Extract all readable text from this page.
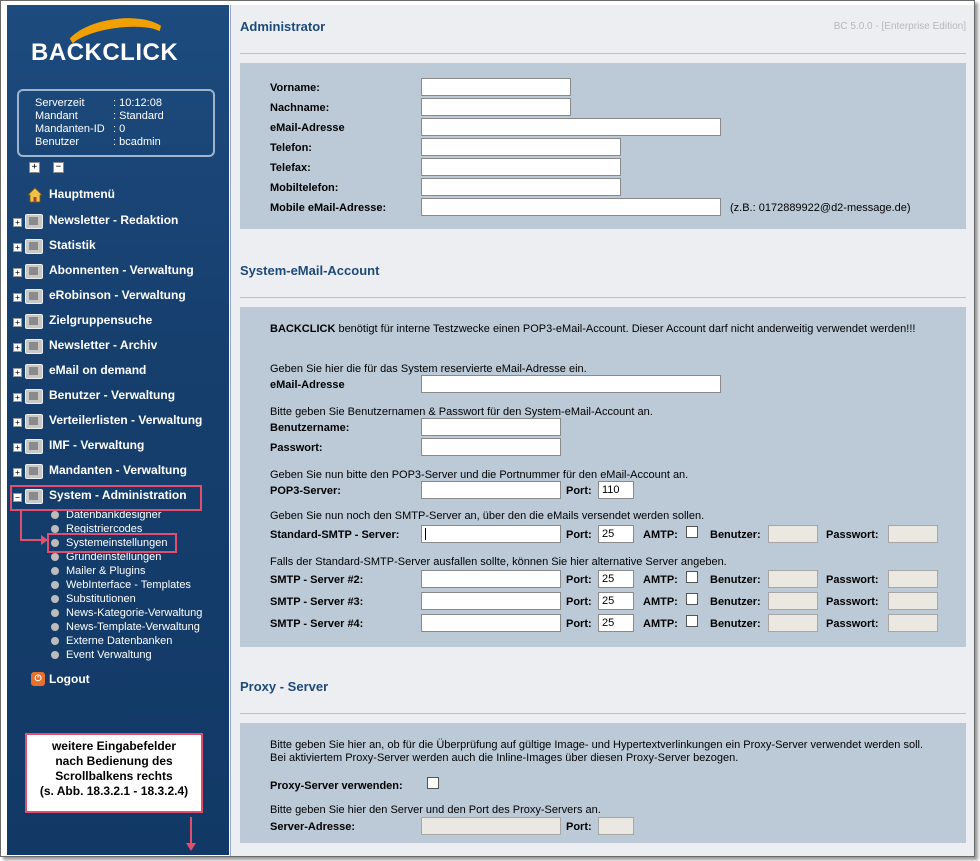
BACKCLICK
Serverzeit	: 10:12:08
Mandant	: Standard
Mandanten-ID : 0
Benutzer	: bcadmin
+	−
Hauptmenü
+ Newsletter - Redaktion
+ Statistik
+ Abonnenten - Verwaltung
+ eRobinson - Verwaltung
+ Zielgruppensuche
+ Newsletter - Archiv
+ eMail on demand
+ Benutzer - Verwaltung
+ Verteilerlisten - Verwaltung
+ IMF - Verwaltung
+ Mandanten - Verwaltung
− System - Administration
Datenbankdesigner
Registriercodes
Systemeinstellungen
Grundeinstellungen
Mailer & Plugins
WebInterface - Templates
Substitutionen
News-Kategorie-Verwaltung
News-Template-Verwaltung
Externe Datenbanken
Event Verwaltung
⏻ Logout
weitere Eingabefelder
nach Bedienung des
Scrollbalkens rechts
(s. Abb. 18.3.2.1 - 18.3.2.4)
Administrator	BC 5.0.0 - [Enterprise Edition]
Vorname:
Nachname:
eMail-Adresse
Telefon:
Telefax:
Mobiltelefon:
Mobile eMail-Adresse:	(z.B.: 0172889922@d2-message.de)
System-eMail-Account
BACKCLICK benötigt für interne Testzwecke einen POP3-eMail-Account. Dieser Account darf nicht anderweitig verwendet werden!!!
Geben Sie hier die für das System reservierte eMail-Adresse ein.
eMail-Adresse
Bitte geben Sie Benutzernamen & Passwort für den System-eMail-Account an.
Benutzername:
Passwort:
Geben Sie nun bitte den POP3-Server und die Portnummer für den eMail-Account an.
POP3-Server:	Port: 110
Geben Sie nun noch den SMTP-Server an, über den die eMails versendet werden sollen.
Standard-SMTP - Server:	Port: 25	AMTP:	Benutzer:	Passwort:
Falls der Standard-SMTP-Server ausfallen sollte, können Sie hier alternative Server angeben.
SMTP - Server #2:	Port: 25	AMTP:	Benutzer:	Passwort:
SMTP - Server #3:	Port: 25	AMTP:	Benutzer:	Passwort:
SMTP - Server #4:	Port: 25	AMTP:	Benutzer:	Passwort:
Proxy - Server
Bitte geben Sie hier an, ob für die Überprüfung auf gültige Image- und Hypertextverlinkungen ein Proxy-Server verwendet werden soll.
Bei aktiviertem Proxy-Server werden auch die Inline-Images über diesen Proxy-Server bezogen.
Proxy-Server verwenden:
Bitte geben Sie hier den Server und den Port des Proxy-Servers an.
Server-Adresse:	Port:
